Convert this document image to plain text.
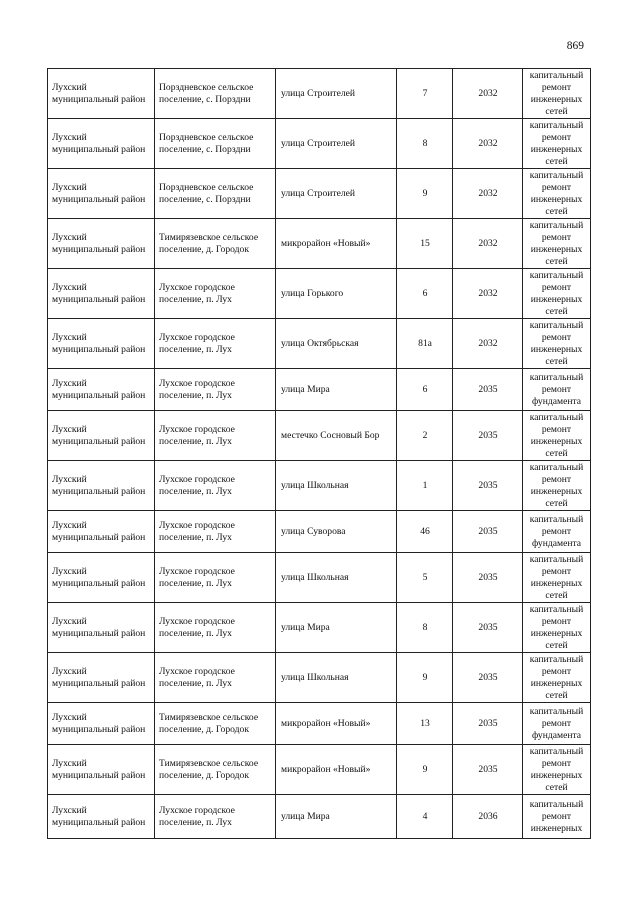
869
Лухский муниципальный район	Порздневское сельское поселение, с. Порздни	улица Строителей	7	2032	капитальный ремонт инженерных сетей

Лухский муниципальный район	Порздневское сельское поселение, с. Порздни	улица Строителей	8	2032	капитальный ремонт инженерных сетей

Лухский муниципальный район	Порздневское сельское поселение, с. Порздни	улица Строителей	9	2032	капитальный ремонт инженерных сетей

Лухский муниципальный район	Тимирязевское сельское поселение, д. Городок	микрорайон «Новый»	15	2032	капитальный ремонт инженерных сетей

Лухский муниципальный район	Лухское городское поселение, п. Лух	улица Горького	6	2032	капитальный ремонт инженерных сетей

Лухский муниципальный район	Лухское городское поселение, п. Лух	улица Октябрьская	81а	2032	капитальный ремонт инженерных сетей

Лухский муниципальный район	Лухское городское поселение, п. Лух	улица Мира	6	2035	капитальный ремонт фундамента

Лухский муниципальный район	Лухское городское поселение, п. Лух	местечко Сосновый Бор	2	2035	капитальный ремонт инженерных сетей

Лухский муниципальный район	Лухское городское поселение, п. Лух	улица Школьная	1	2035	капитальный ремонт инженерных сетей

Лухский муниципальный район	Лухское городское поселение, п. Лух	улица Суворова	46	2035	капитальный ремонт фундамента

Лухский муниципальный район	Лухское городское поселение, п. Лух	улица Школьная	5	2035	капитальный ремонт инженерных сетей

Лухский муниципальный район	Лухское городское поселение, п. Лух	улица Мира	8	2035	капитальный ремонт инженерных сетей

Лухский муниципальный район	Лухское городское поселение, п. Лух	улица Школьная	9	2035	капитальный ремонт инженерных сетей

Лухский муниципальный район	Тимирязевское сельское поселение, д. Городок	микрорайон «Новый»	13	2035	капитальный ремонт фундамента

Лухский муниципальный район	Тимирязевское сельское поселение, д. Городок	микрорайон «Новый»	9	2035	капитальный ремонт инженерных сетей

Лухский муниципальный район	Лухское городское поселение, п. Лух	улица Мира	4	2036	капитальный ремонт инженерных
